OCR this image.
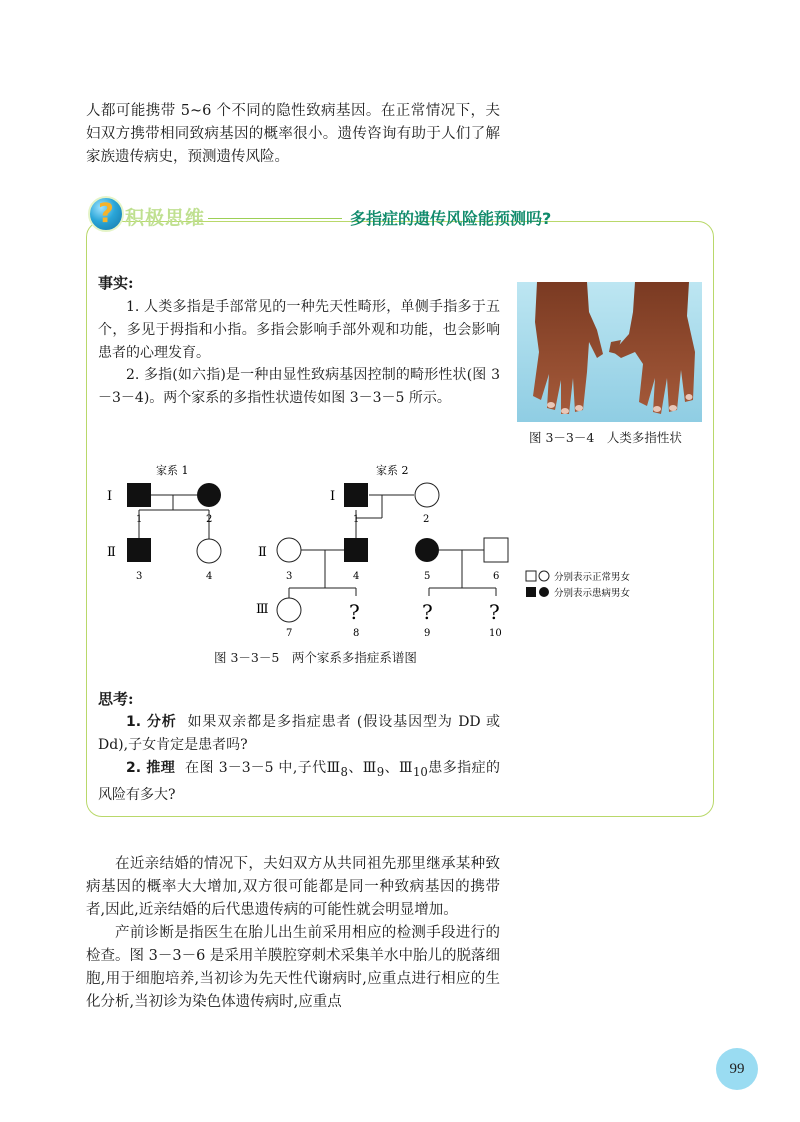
人都可能携带 5~6 个不同的隐性致病基因。在正常情况下，夫妇双方携带相同致病基因的概率很小。遗传咨询有助于人们了解家族遗传病史，预测遗传风险。

? 积极思维	多指症的遗传风险能预测吗?

事实:

1. 人类多指是手部常见的一种先天性畸形，单侧手指多于五个，多见于拇指和小指。多指会影响手部外观和功能，也会影响患者的心理发育。

2. 多指(如六指)是一种由显性致病基因控制的畸形性状(图 3－3－4)。两个家系的多指性状遗传如图 3－3－5 所示。

图 3－3－4　人类多指性状

家系 1	家系 2
Ⅰ
Ⅱ
Ⅰ
Ⅱ
Ⅲ
1	2
3	4
?	?	?
1	2
3	4	5	6
7	8	9	10
分别表示正常男女
分别表示患病男女

图 3－3－5　两个家系多指症系谱图

思考:

1. 分析 如果双亲都是多指症患者 (假设基因型为 DD 或 Dd),子女肯定是患者吗?

2. 推理 在图 3－3－5 中,子代$Ⅲ_8$、$Ⅲ_9$、$Ⅲ_{10}$患多指症的风险有多大?

在近亲结婚的情况下，夫妇双方从共同祖先那里继承某种致病基因的概率大大增加,双方很可能都是同一种致病基因的携带者,因此,近亲结婚的后代患遗传病的可能性就会明显增加。

产前诊断是指医生在胎儿出生前采用相应的检测手段进行的检查。图 3－3－6 是采用羊膜腔穿刺术采集羊水中胎儿的脱落细胞,用于细胞培养,当初诊为先天性代谢病时,应重点进行相应的生化分析,当初诊为染色体遗传病时,应重点

99
